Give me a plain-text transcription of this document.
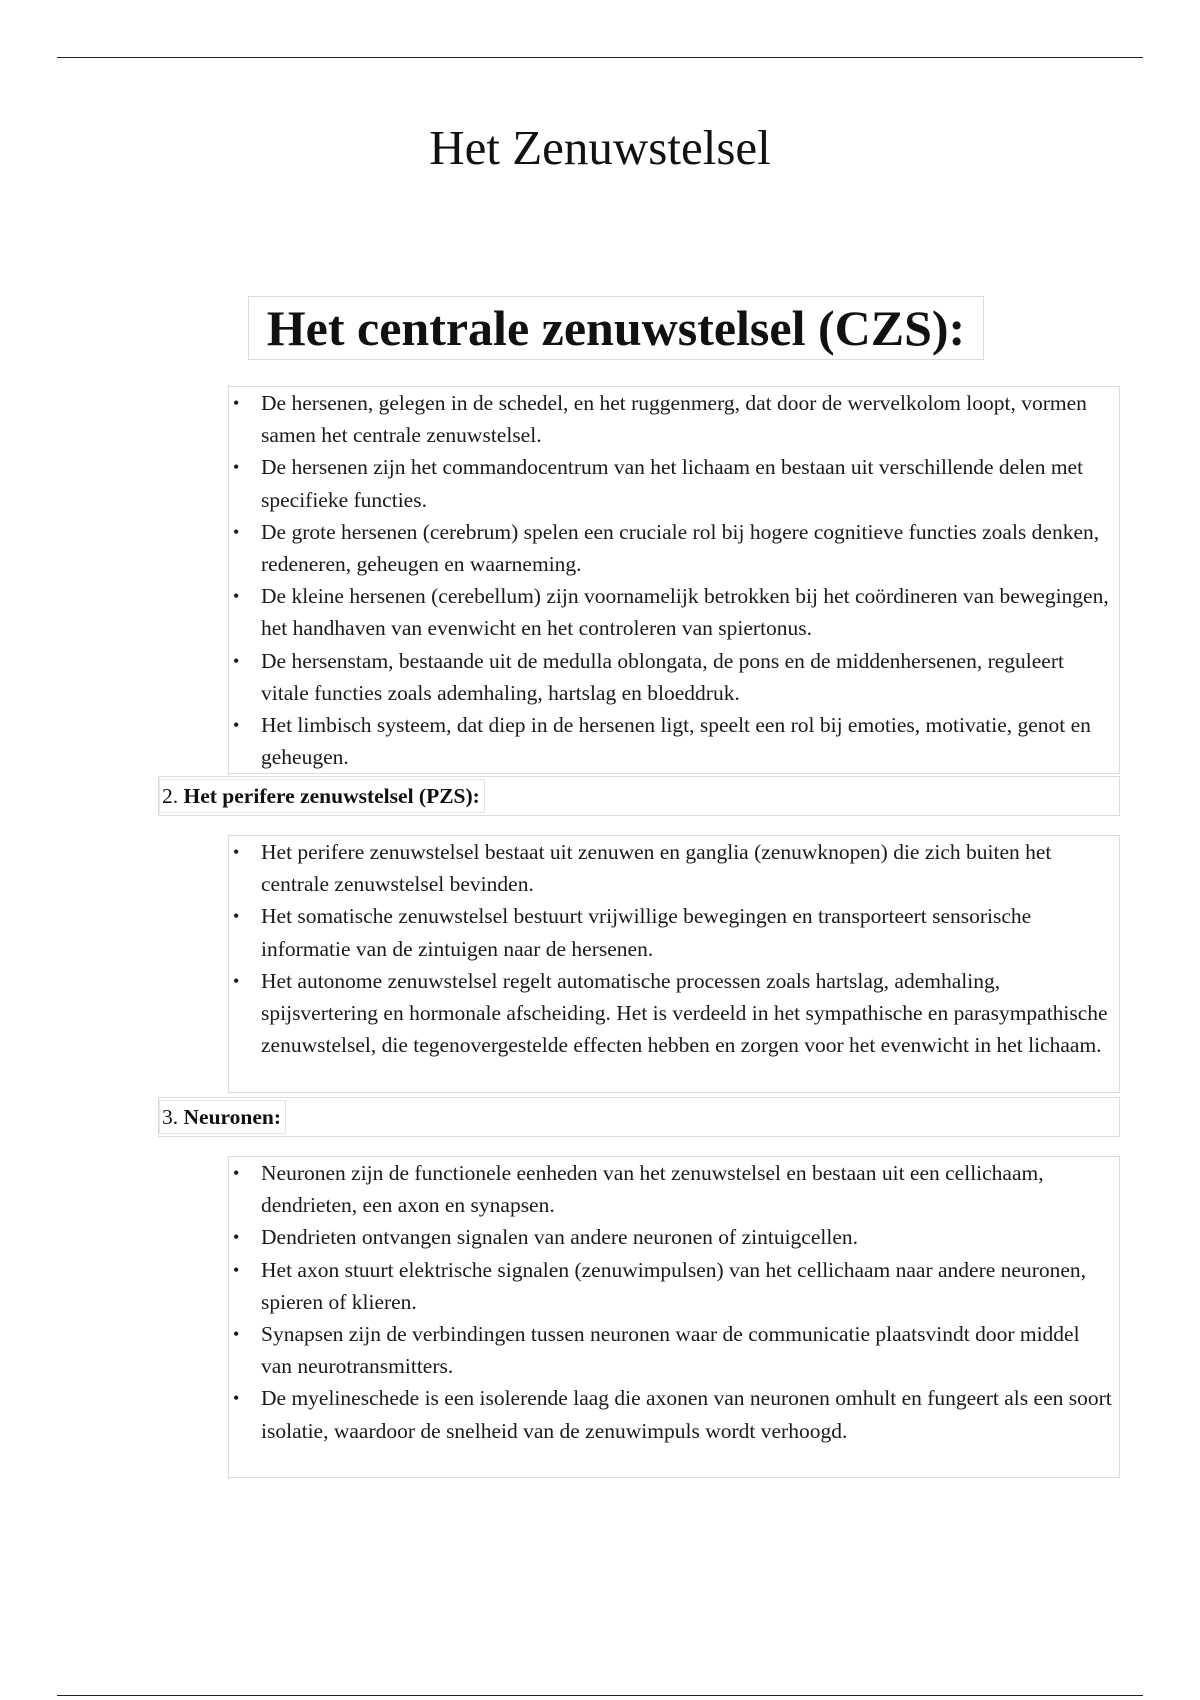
Het Zenuwstelsel
Het centrale zenuwstelsel (CZS):
• De hersenen, gelegen in de schedel, en het ruggenmerg, dat door de wervelkolom loopt, vormen samen het centrale zenuwstelsel.
• De hersenen zijn het commandocentrum van het lichaam en bestaan uit verschillende delen met specifieke functies.
• De grote hersenen (cerebrum) spelen een cruciale rol bij hogere cognitieve functies zoals denken, redeneren, geheugen en waarneming.
• De kleine hersenen (cerebellum) zijn voornamelijk betrokken bij het coördineren van bewegingen, het handhaven van evenwicht en het controleren van spiertonus.
• De hersenstam, bestaande uit de medulla oblongata, de pons en de middenhersenen, reguleert vitale functies zoals ademhaling, hartslag en bloeddruk.
• Het limbisch systeem, dat diep in de hersenen ligt, speelt een rol bij emoties, motivatie, genot en geheugen.
2. Het perifere zenuwstelsel (PZS):
• Het perifere zenuwstelsel bestaat uit zenuwen en ganglia (zenuwknopen) die zich buiten het centrale zenuwstelsel bevinden.
• Het somatische zenuwstelsel bestuurt vrijwillige bewegingen en transporteert sensorische informatie van de zintuigen naar de hersenen.
• Het autonome zenuwstelsel regelt automatische processen zoals hartslag, ademhaling, spijsvertering en hormonale afscheiding. Het is verdeeld in het sympathische en parasympathische zenuwstelsel, die tegenovergestelde effecten hebben en zorgen voor het evenwicht in het lichaam.
3. Neuronen:
• Neuronen zijn de functionele eenheden van het zenuwstelsel en bestaan uit een cellichaam, dendrieten, een axon en synapsen.
• Dendrieten ontvangen signalen van andere neuronen of zintuigcellen.
• Het axon stuurt elektrische signalen (zenuwimpulsen) van het cellichaam naar andere neuronen, spieren of klieren.
• Synapsen zijn de verbindingen tussen neuronen waar de communicatie plaatsvindt door middel van neurotransmitters.
• De myelineschede is een isolerende laag die axonen van neuronen omhult en fungeert als een soort isolatie, waardoor de snelheid van de zenuwimpuls wordt verhoogd.
